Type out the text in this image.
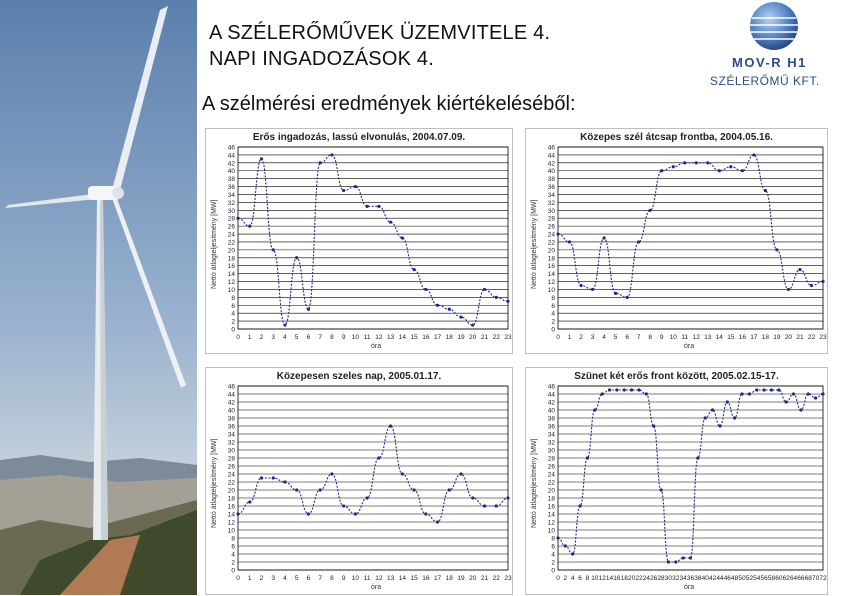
A SZÉLERŐMŰVEK ÜZEMVITELE 4.
NAPI INGADOZÁSOK 4.
A szélmérési eredmények kiértékeléséből:
MOV-R H1
SZÉLERŐMŰ KFT.
0
2
4
6
8
10
12
14
16
18
20
22
24
26
28
30
32
34
36
38
40
42
44
46
0 1 2 3 4 5 6 7 8 9 10 11 12 13 14 15 16 17 18 19 20 21 22 23
Erős ingadozás, lassú elvonulás, 2004.07.09.
Nettó átlagteljesítmény [MW]
óra
0
2
4
6
8
10
12
14
16
18
20
22
24
26
28
30
32
34
36
38
40
42
44
46
0 1 2 3 4 5 6 7 8 9 10 11 12 13 14 15 16 17 18 19 20 21 22 23
Közepes szél átcsap frontba, 2004.05.16.
Nettó átlagteljesítmény [MW]
óra
0
2
4
6
8
10
12
14
16
18
20
22
24
26
28
30
32
34
36
38
40
42
44
46
0 1 2 3 4 5 6 7 8 9 10 11 12 13 14 15 16 17 18 19 20 21 22 23
Közepesen szeles nap, 2005.01.17.
Nettó átlagteljesítmény [MW]
óra
0
2
4
6
8
10
12
14
16
18
20
22
24
26
28
30
32
34
36
38
40
42
44
46
0 2 4 6 8 10 12 14 16 18 20 22 24 26 28 30 32 34 36 38 40 42 44 46 48 50 52 54 56 58 60 62 64 66 68 70 72
Szünet két erős front között, 2005.02.15-17.
Nettó átlagteljesítmény [MW]
óra
